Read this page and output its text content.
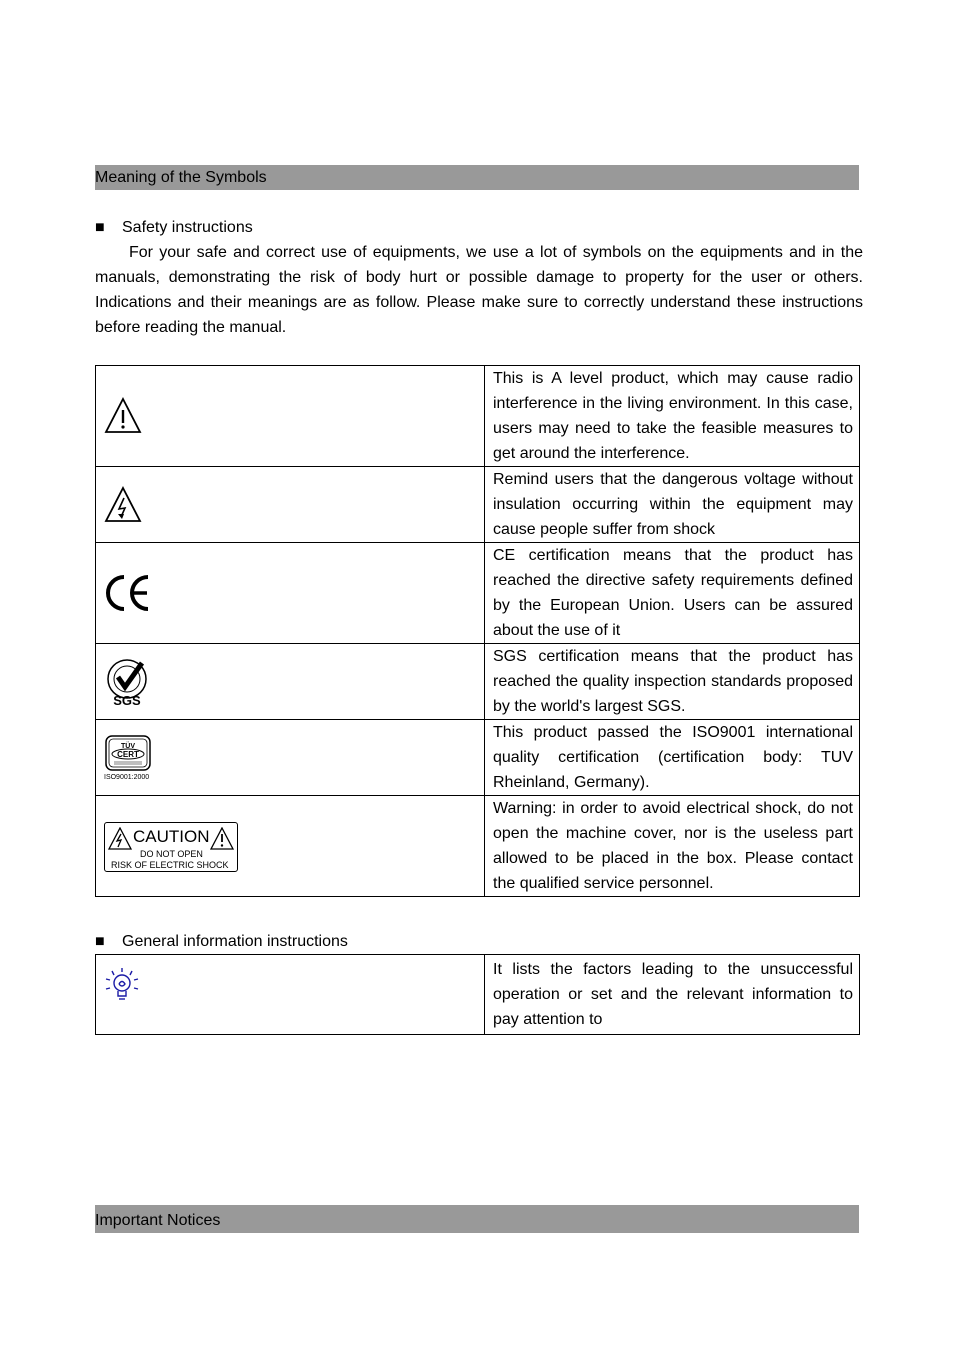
Meaning of the Symbols
■ Safety instructions
For your safe and correct use of equipments, we use a lot of symbols on the equipments and in the manuals, demonstrating the risk of body hurt or possible damage to property for the user or others. Indications and their meanings are as follow. Please make sure to correctly understand these instructions before reading the manual.
	This is A level product, which may cause radio interference in the living environment. In this case, users may need to take the feasible measures to get around the interference.

	Remind users that the dangerous voltage without insulation occurring within the equipment may cause people suffer from shock

	CE certification means that the product has reached the directive safety requirements defined by the European Union. Users can be assured about the use of it

SGS	SGS certification means that the product has reached the quality inspection standards proposed by the world's largest SGS.

TÜV
CERT
ISO9001:2000	This product passed the ISO9001 international quality certification (certification body: TUV Rheinland, Germany).

CAUTION
DO NOT OPEN
RISK OF ELECTRIC SHOCK	Warning: in order to avoid electrical shock, do not open the machine cover, nor is the useless part allowed to be placed in the box. Please contact the qualified service personnel.
■ General information instructions
	It lists the factors leading to the unsuccessful operation or set and the relevant information to pay attention to
Important Notices
